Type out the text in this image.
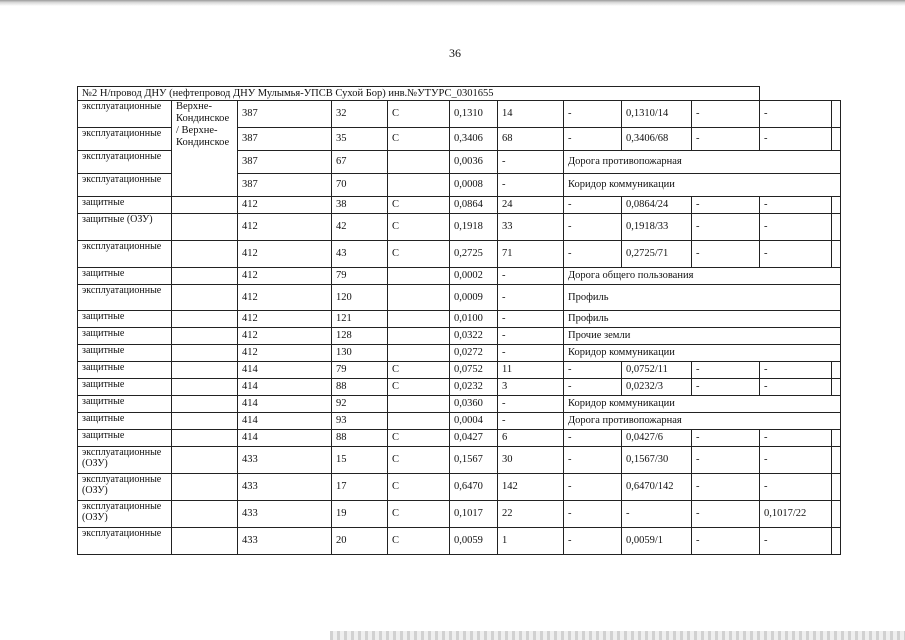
36
№2 Н/провод ДНУ (нефтепровод ДНУ Мулымья-УПСВ Сухой Бор) инв.№УТУРС_0301655											
эксплуатационные	Верхне-Кондинское / Верхне-Кондинское	387	32	С	0,1310	14	-	0,1310/14	-	-	
эксплуатационные		387	35	С	0,3406	68	-	0,3406/68	-	-	
эксплуатационные		387	67		0,0036	-	Дорога противопожарная				
эксплуатационные		387	70		0,0008	-	Коридор коммуникации				
защитные		412	38	С	0,0864	24	-	0,0864/24	-	-	
защитные (ОЗУ)		412	42	С	0,1918	33	-	0,1918/33	-	-	
эксплуатационные		412	43	С	0,2725	71	-	0,2725/71	-	-	
защитные		412	79		0,0002	-	Дорога общего пользования				
эксплуатационные		412	120		0,0009	-	Профиль				
защитные		412	121		0,0100	-	Профиль				
защитные		412	128		0,0322	-	Прочие земли				
защитные		412	130		0,0272	-	Коридор коммуникации				
защитные		414	79	С	0,0752	11	-	0,0752/11	-	-	
защитные		414	88	С	0,0232	3	-	0,0232/3	-	-	
защитные		414	92		0,0360	-	Коридор коммуникации				
защитные		414	93		0,0004	-	Дорога противопожарная				
защитные		414	88	С	0,0427	6	-	0,0427/6	-	-	
эксплуатационные (ОЗУ)		433	15	С	0,1567	30	-	0,1567/30	-	-	
эксплуатационные (ОЗУ)		433	17	С	0,6470	142	-	0,6470/142	-	-	
эксплуатационные (ОЗУ)		433	19	С	0,1017	22	-	-	-	0,1017/22	
эксплуатационные		433	20	С	0,0059	1	-	0,0059/1	-	-	
